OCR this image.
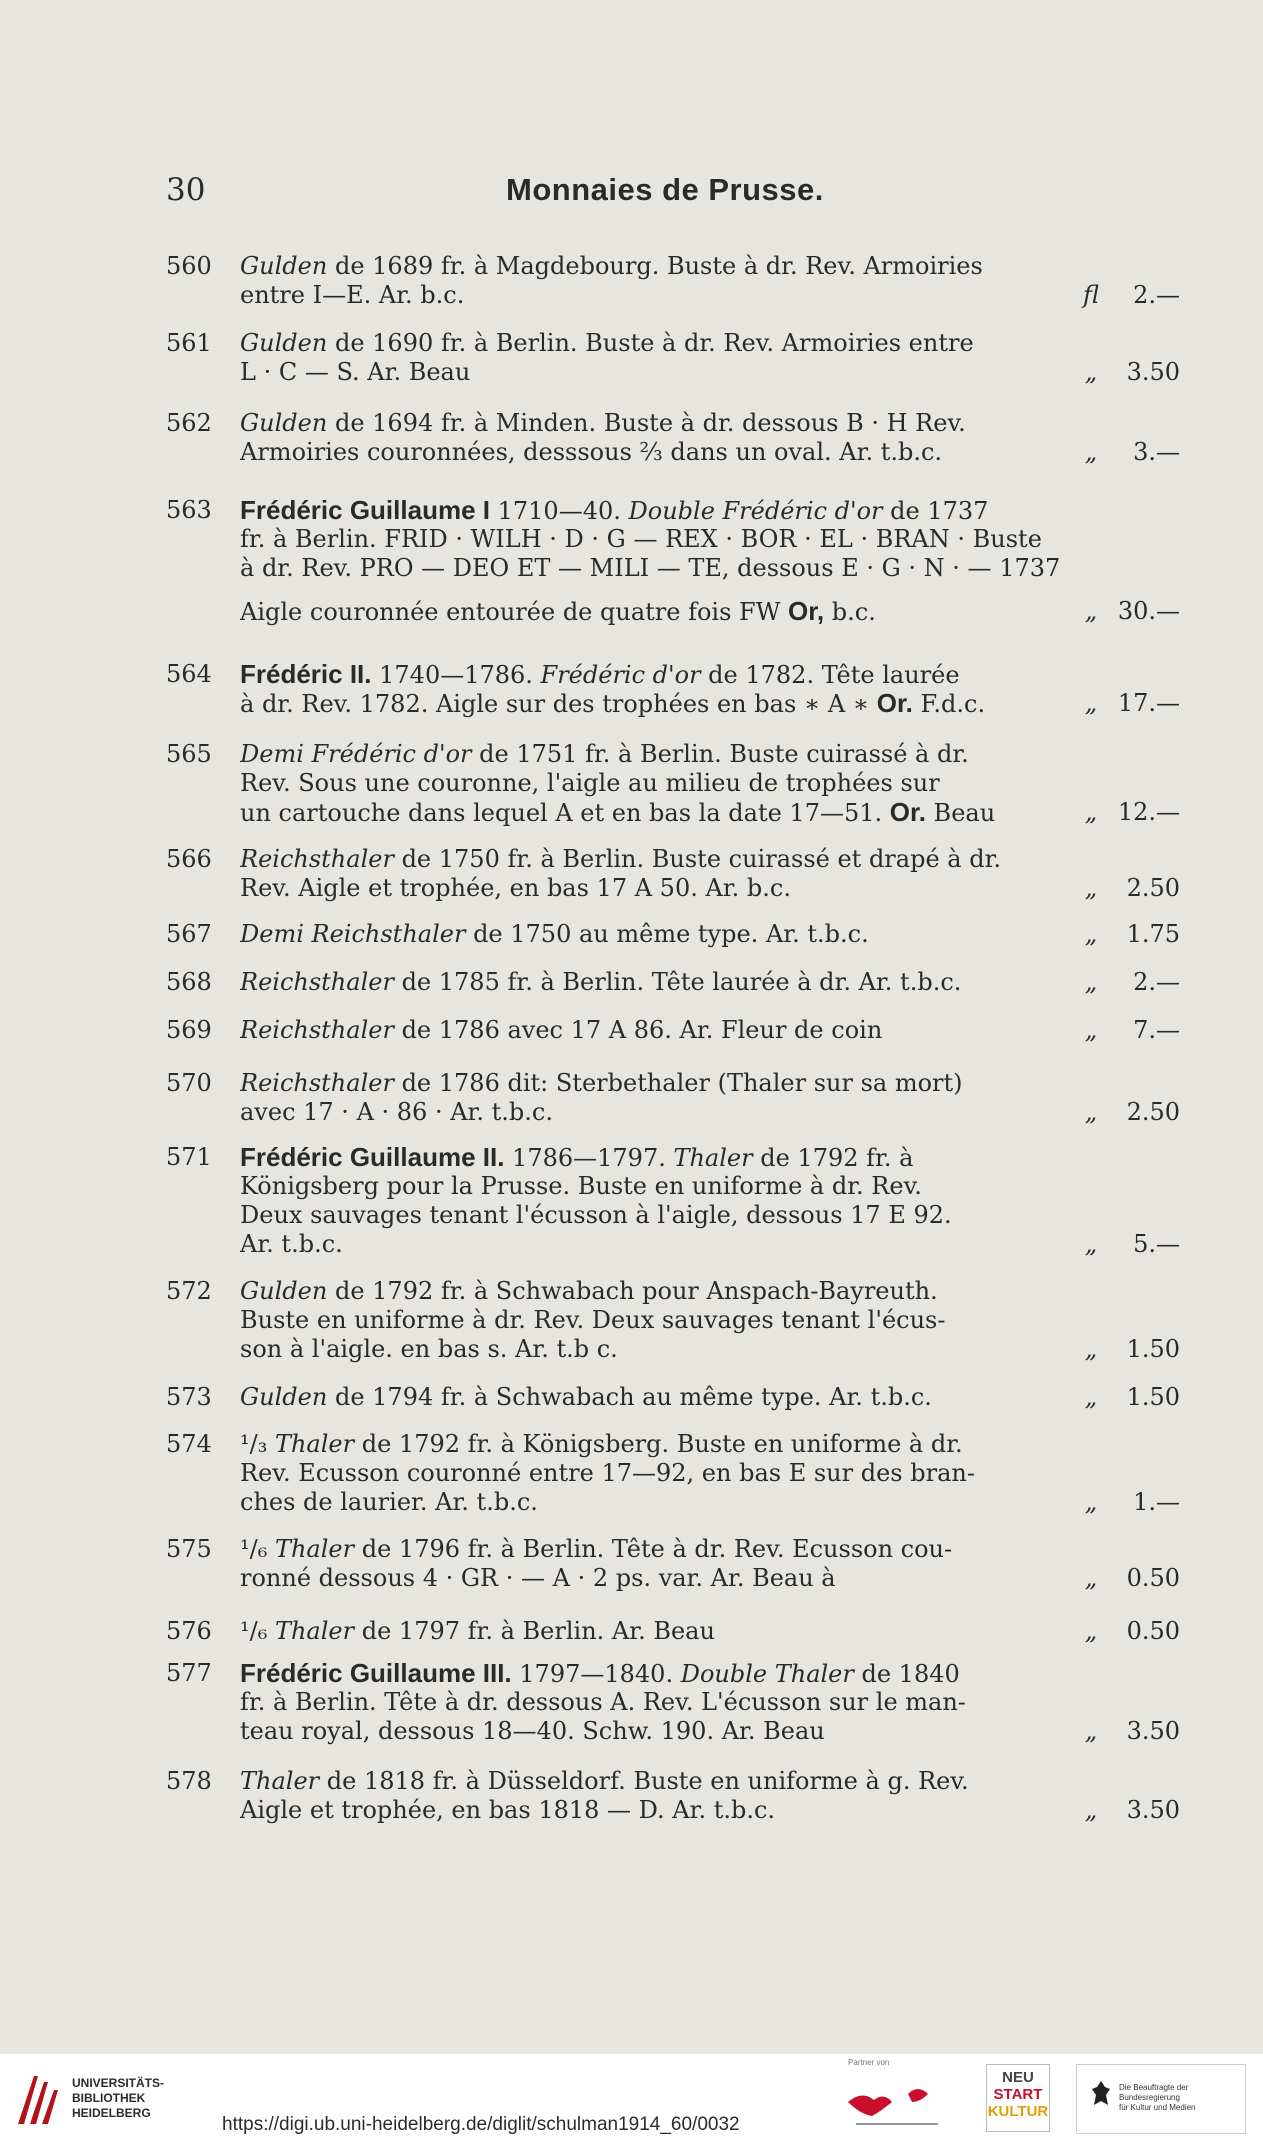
30	Monnaies de Prusse.
560	Gulden de 1689 fr. à Magdebourg. Buste à dr. Rev. Armoiries
entre I—E. Ar. b.c.	fl	2.—
561	Gulden de 1690 fr. à Berlin. Buste à dr. Rev. Armoiries entre
L · C — S. Ar. Beau	„	3.50
562	Gulden de 1694 fr. à Minden. Buste à dr. dessous B · H Rev.
Armoiries couronnées, desssous ⅔ dans un oval. Ar. t.b.c.	„	3.—
563	Frédéric Guillaume I 1710—40. Double Frédéric d'or de 1737
fr. à Berlin. FRID · WILH · D · G — REX · BOR · EL · BRAN · Buste
à dr. Rev. PRO — DEO ET — MILI — TE, dessous E · G · N · — 1737
Aigle couronnée entourée de quatre fois FW Or, b.c.	„ 30.—
564	Frédéric II. 1740—1786. Frédéric d'or de 1782. Tête laurée
à dr. Rev. 1782. Aigle sur des trophées en bas ∗ A ∗ Or. F.d.c.	„ 17.—
565	Demi Frédéric d'or de 1751 fr. à Berlin. Buste cuirassé à dr.
Rev. Sous une couronne, l'aigle au milieu de trophées sur
un cartouche dans lequel A et en bas la date 17—51. Or. Beau	„ 12.—
566	Reichsthaler de 1750 fr. à Berlin. Buste cuirassé et drapé à dr.
Rev. Aigle et trophée, en bas 17 A 50. Ar. b.c.	„	2.50
567	Demi Reichsthaler de 1750 au même type. Ar. t.b.c.	„	1.75
568	Reichsthaler de 1785 fr. à Berlin. Tête laurée à dr. Ar. t.b.c.	„	2.—
569	Reichsthaler de 1786 avec 17 A 86. Ar. Fleur de coin	„	7.—
570	Reichsthaler de 1786 dit: Sterbethaler (Thaler sur sa mort)
avec 17 · A · 86 · Ar. t.b.c.	„	2.50
571	Frédéric Guillaume II. 1786—1797. Thaler de 1792 fr. à
Königsberg pour la Prusse. Buste en uniforme à dr. Rev.
Deux sauvages tenant l'écusson à l'aigle, dessous 17 E 92.
Ar. t.b.c.	„	5.—
572	Gulden de 1792 fr. à Schwabach pour Anspach-Bayreuth.
Buste en uniforme à dr. Rev. Deux sauvages tenant l'écus-
son à l'aigle. en bas s. Ar. t.b c.	„	1.50
573	Gulden de 1794 fr. à Schwabach au même type. Ar. t.b.c.	„	1.50
574	¹/₃ Thaler de 1792 fr. à Königsberg. Buste en uniforme à dr.
Rev. Ecusson couronné entre 17—92, en bas E sur des bran-
ches de laurier. Ar. t.b.c.	„	1.—
575	¹/₆ Thaler de 1796 fr. à Berlin. Tête à dr. Rev. Ecusson cou-
ronné dessous 4 · GR · — A · 2 ps. var. Ar. Beau à	„	0.50
576	¹/₆ Thaler de 1797 fr. à Berlin. Ar. Beau	„	0.50
577	Frédéric Guillaume III. 1797—1840. Double Thaler de 1840
fr. à Berlin. Tête à dr. dessous A. Rev. L'écusson sur le man-
teau royal, dessous 18—40. Schw. 190. Ar. Beau	„	3.50
578	Thaler de 1818 fr. à Düsseldorf. Buste en uniforme à g. Rev.
Aigle et trophée, en bas 1818 — D. Ar. t.b.c.	„	3.50
UNIVERSITÄTS-
BIBLIOTHEK
HEIDELBERG
https://digi.ub.uni-heidelberg.de/diglit/schulman1914_60/0032
Partner von
NEU
START
KULTUR
Die Beauftragte der Bundesregierung
für Kultur und Medien
